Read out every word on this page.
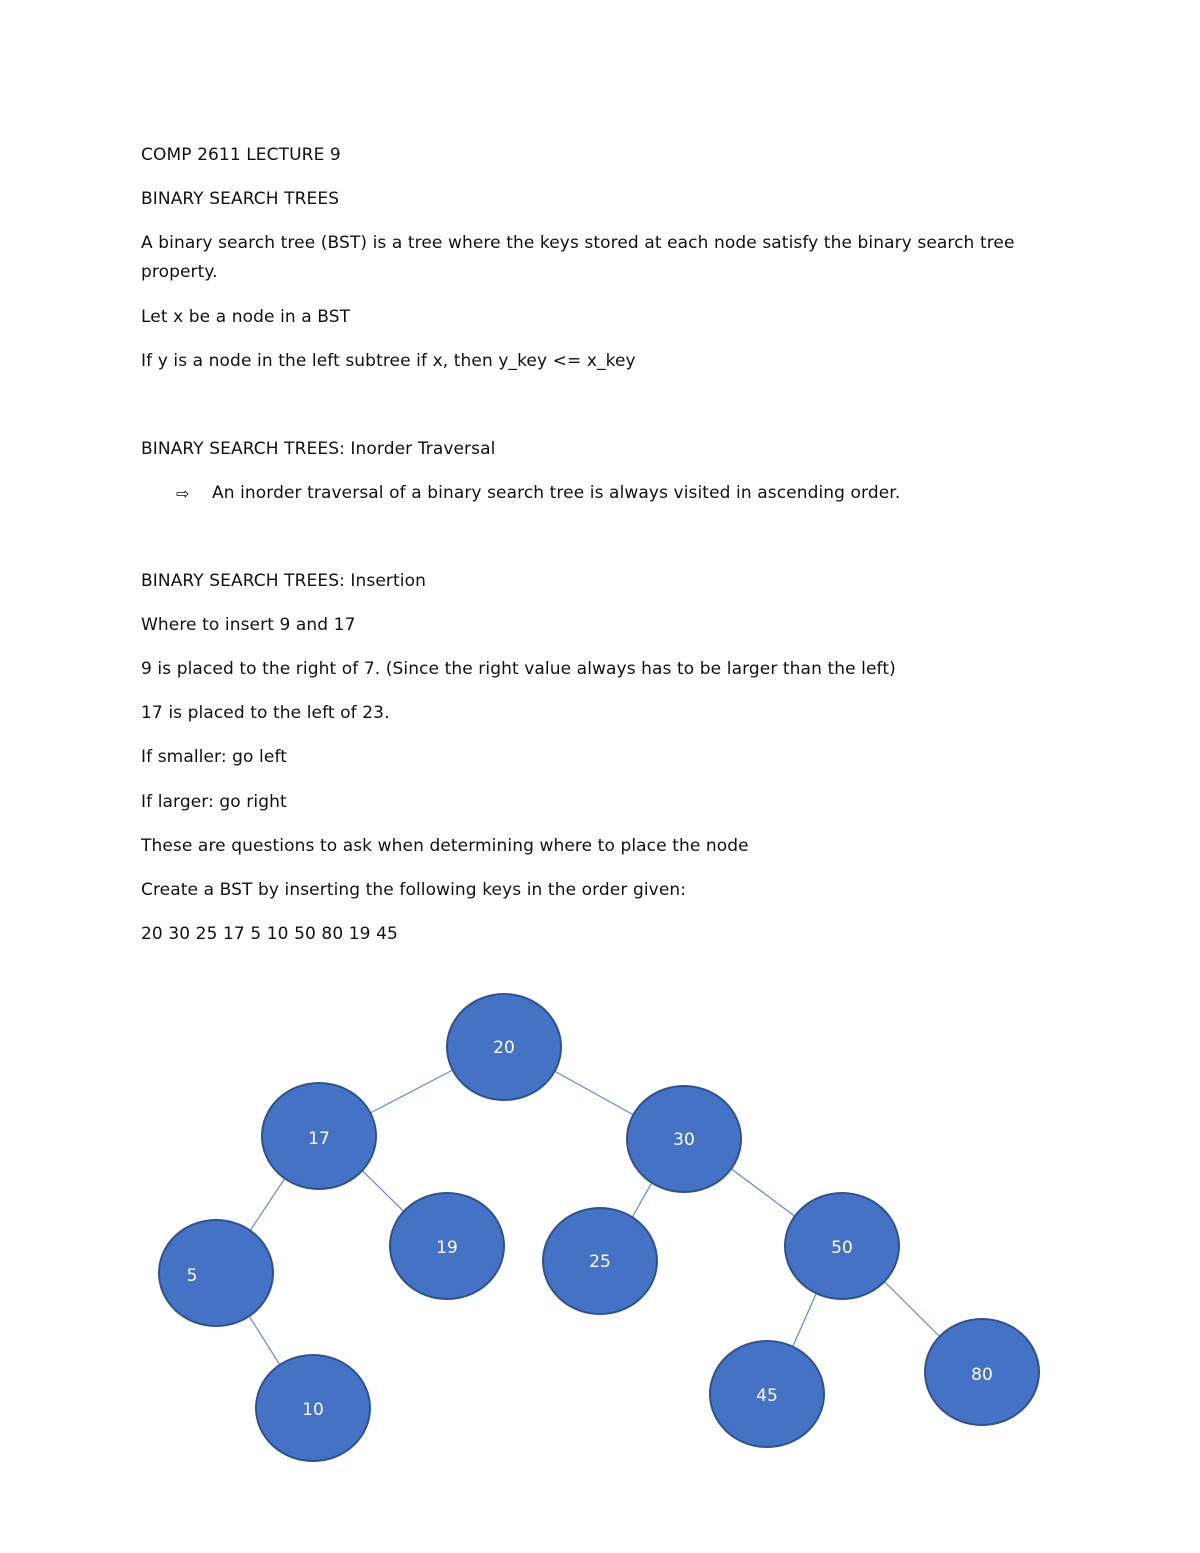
COMP 2611 LECTURE 9
BINARY SEARCH TREES
A binary search tree (BST) is a tree where the keys stored at each node satisfy the binary search tree property.
Let x be a node in a BST
If y is a node in the left subtree if x, then y_key <= x_key
BINARY SEARCH TREES: Inorder Traversal
⇨ An inorder traversal of a binary search tree is always visited in ascending order.
BINARY SEARCH TREES: Insertion
Where to insert 9 and 17
9 is placed to the right of 7. (Since the right value always has to be larger than the left)
17 is placed to the left of 23.
If smaller: go left
If larger: go right
These are questions to ask when determining where to place the node
Create a BST by inserting the following keys in the order given:
20 30 25 17 5 10 50 80 19 45
20
17	30
5
19
25
50
10
45
80
